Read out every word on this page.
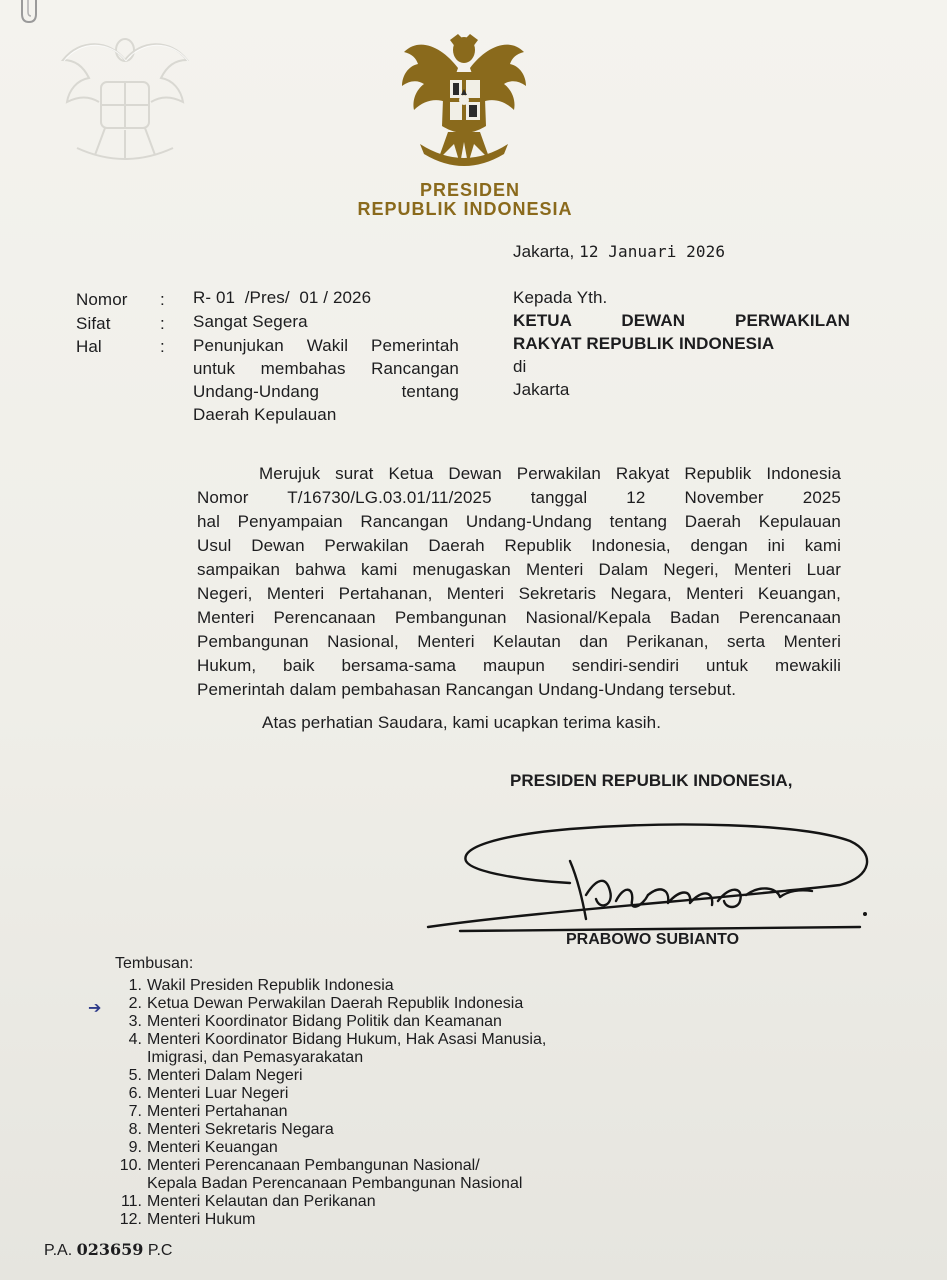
PRESIDEN
REPUBLIK INDONESIA
Jakarta, 12 Januari 2026
Nomor	: R- 01  /Pres/  01 / 2026
Sifat	: Sangat Segera
Hal	: Penunjukan Wakil Pemerintah
untuk membahas Rancangan
Undang-Undang tentang
Daerah Kepulauan
Kepada Yth.
KETUA DEWAN PERWAKILAN
RAKYAT REPUBLIK INDONESIA
di
Jakarta
Merujuk surat Ketua Dewan Perwakilan Rakyat Republik Indonesia
Nomor T/16730/LG.03.01/11/2025 tanggal 12 November 2025
hal Penyampaian Rancangan Undang-Undang tentang Daerah Kepulauan
Usul Dewan Perwakilan Daerah Republik Indonesia, dengan ini kami
sampaikan bahwa kami menugaskan Menteri Dalam Negeri, Menteri Luar
Negeri, Menteri Pertahanan, Menteri Sekretaris Negara, Menteri Keuangan,
Menteri Perencanaan Pembangunan Nasional/Kepala Badan Perencanaan
Pembangunan Nasional, Menteri Kelautan dan Perikanan, serta Menteri
Hukum, baik bersama-sama maupun sendiri-sendiri untuk mewakili
Pemerintah dalam pembahasan Rancangan Undang-Undang tersebut.
Atas perhatian Saudara, kami ucapkan terima kasih.
PRESIDEN REPUBLIK INDONESIA,
PRABOWO SUBIANTO
Tembusan:
➔
1. Wakil Presiden Republik Indonesia
2. Ketua Dewan Perwakilan Daerah Republik Indonesia
3. Menteri Koordinator Bidang Politik dan Keamanan
4. Menteri Koordinator Bidang Hukum, Hak Asasi Manusia,
Imigrasi, dan Pemasyarakatan
5. Menteri Dalam Negeri
6. Menteri Luar Negeri
7. Menteri Pertahanan
8. Menteri Sekretaris Negara
9. Menteri Keuangan
10. Menteri Perencanaan Pembangunan Nasional/
Kepala Badan Perencanaan Pembangunan Nasional
11. Menteri Kelautan dan Perikanan
12. Menteri Hukum
P.A. 023659 P.C
